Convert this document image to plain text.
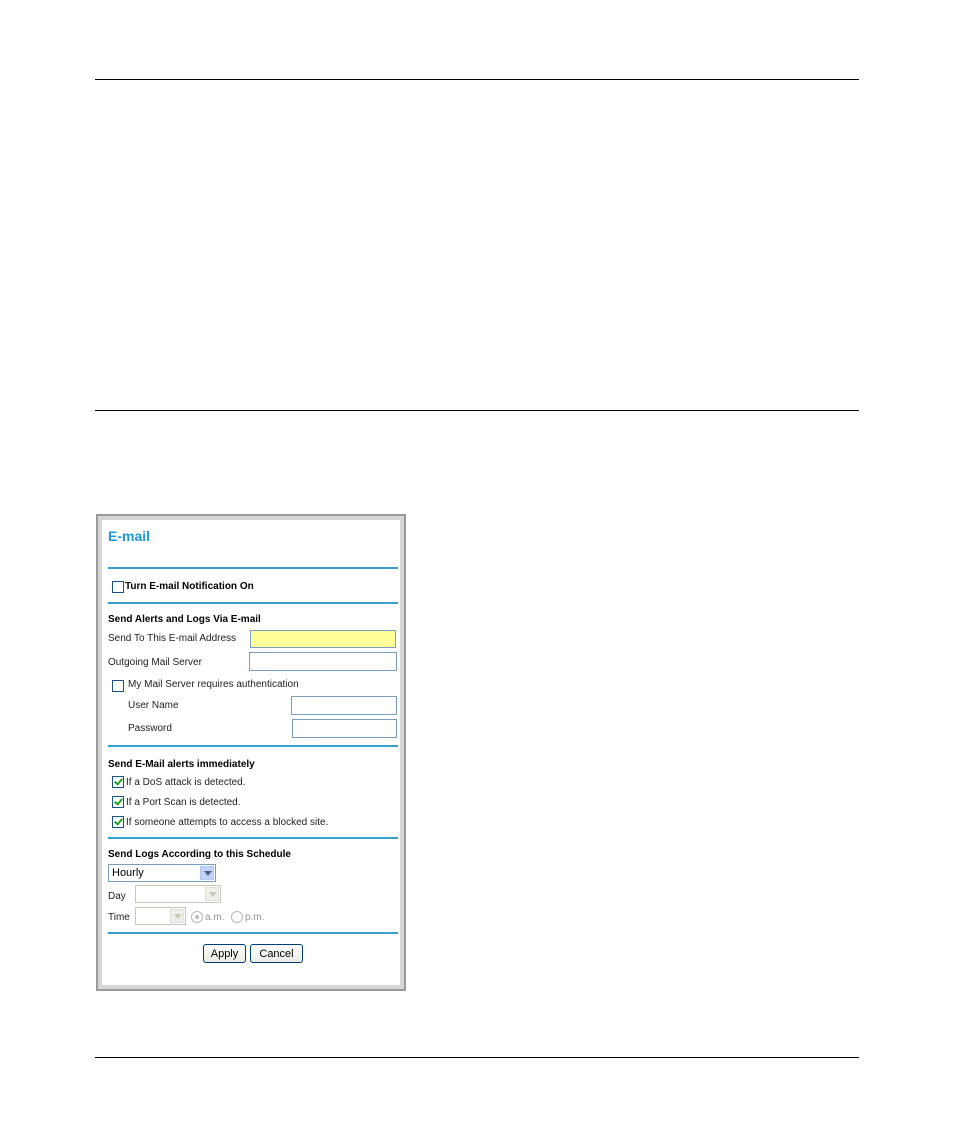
E-mail
Turn E-mail Notification On
Send Alerts and Logs Via E-mail
Send To This E-mail Address
Outgoing Mail Server
My Mail Server requires authentication
User Name
Password
Send E-Mail alerts immediately
If a DoS attack is detected.
If a Port Scan is detected.
If someone attempts to access a blocked site.
Send Logs According to this Schedule
Hourly
Day
Time	a.m. p.m.
Apply	Cancel
